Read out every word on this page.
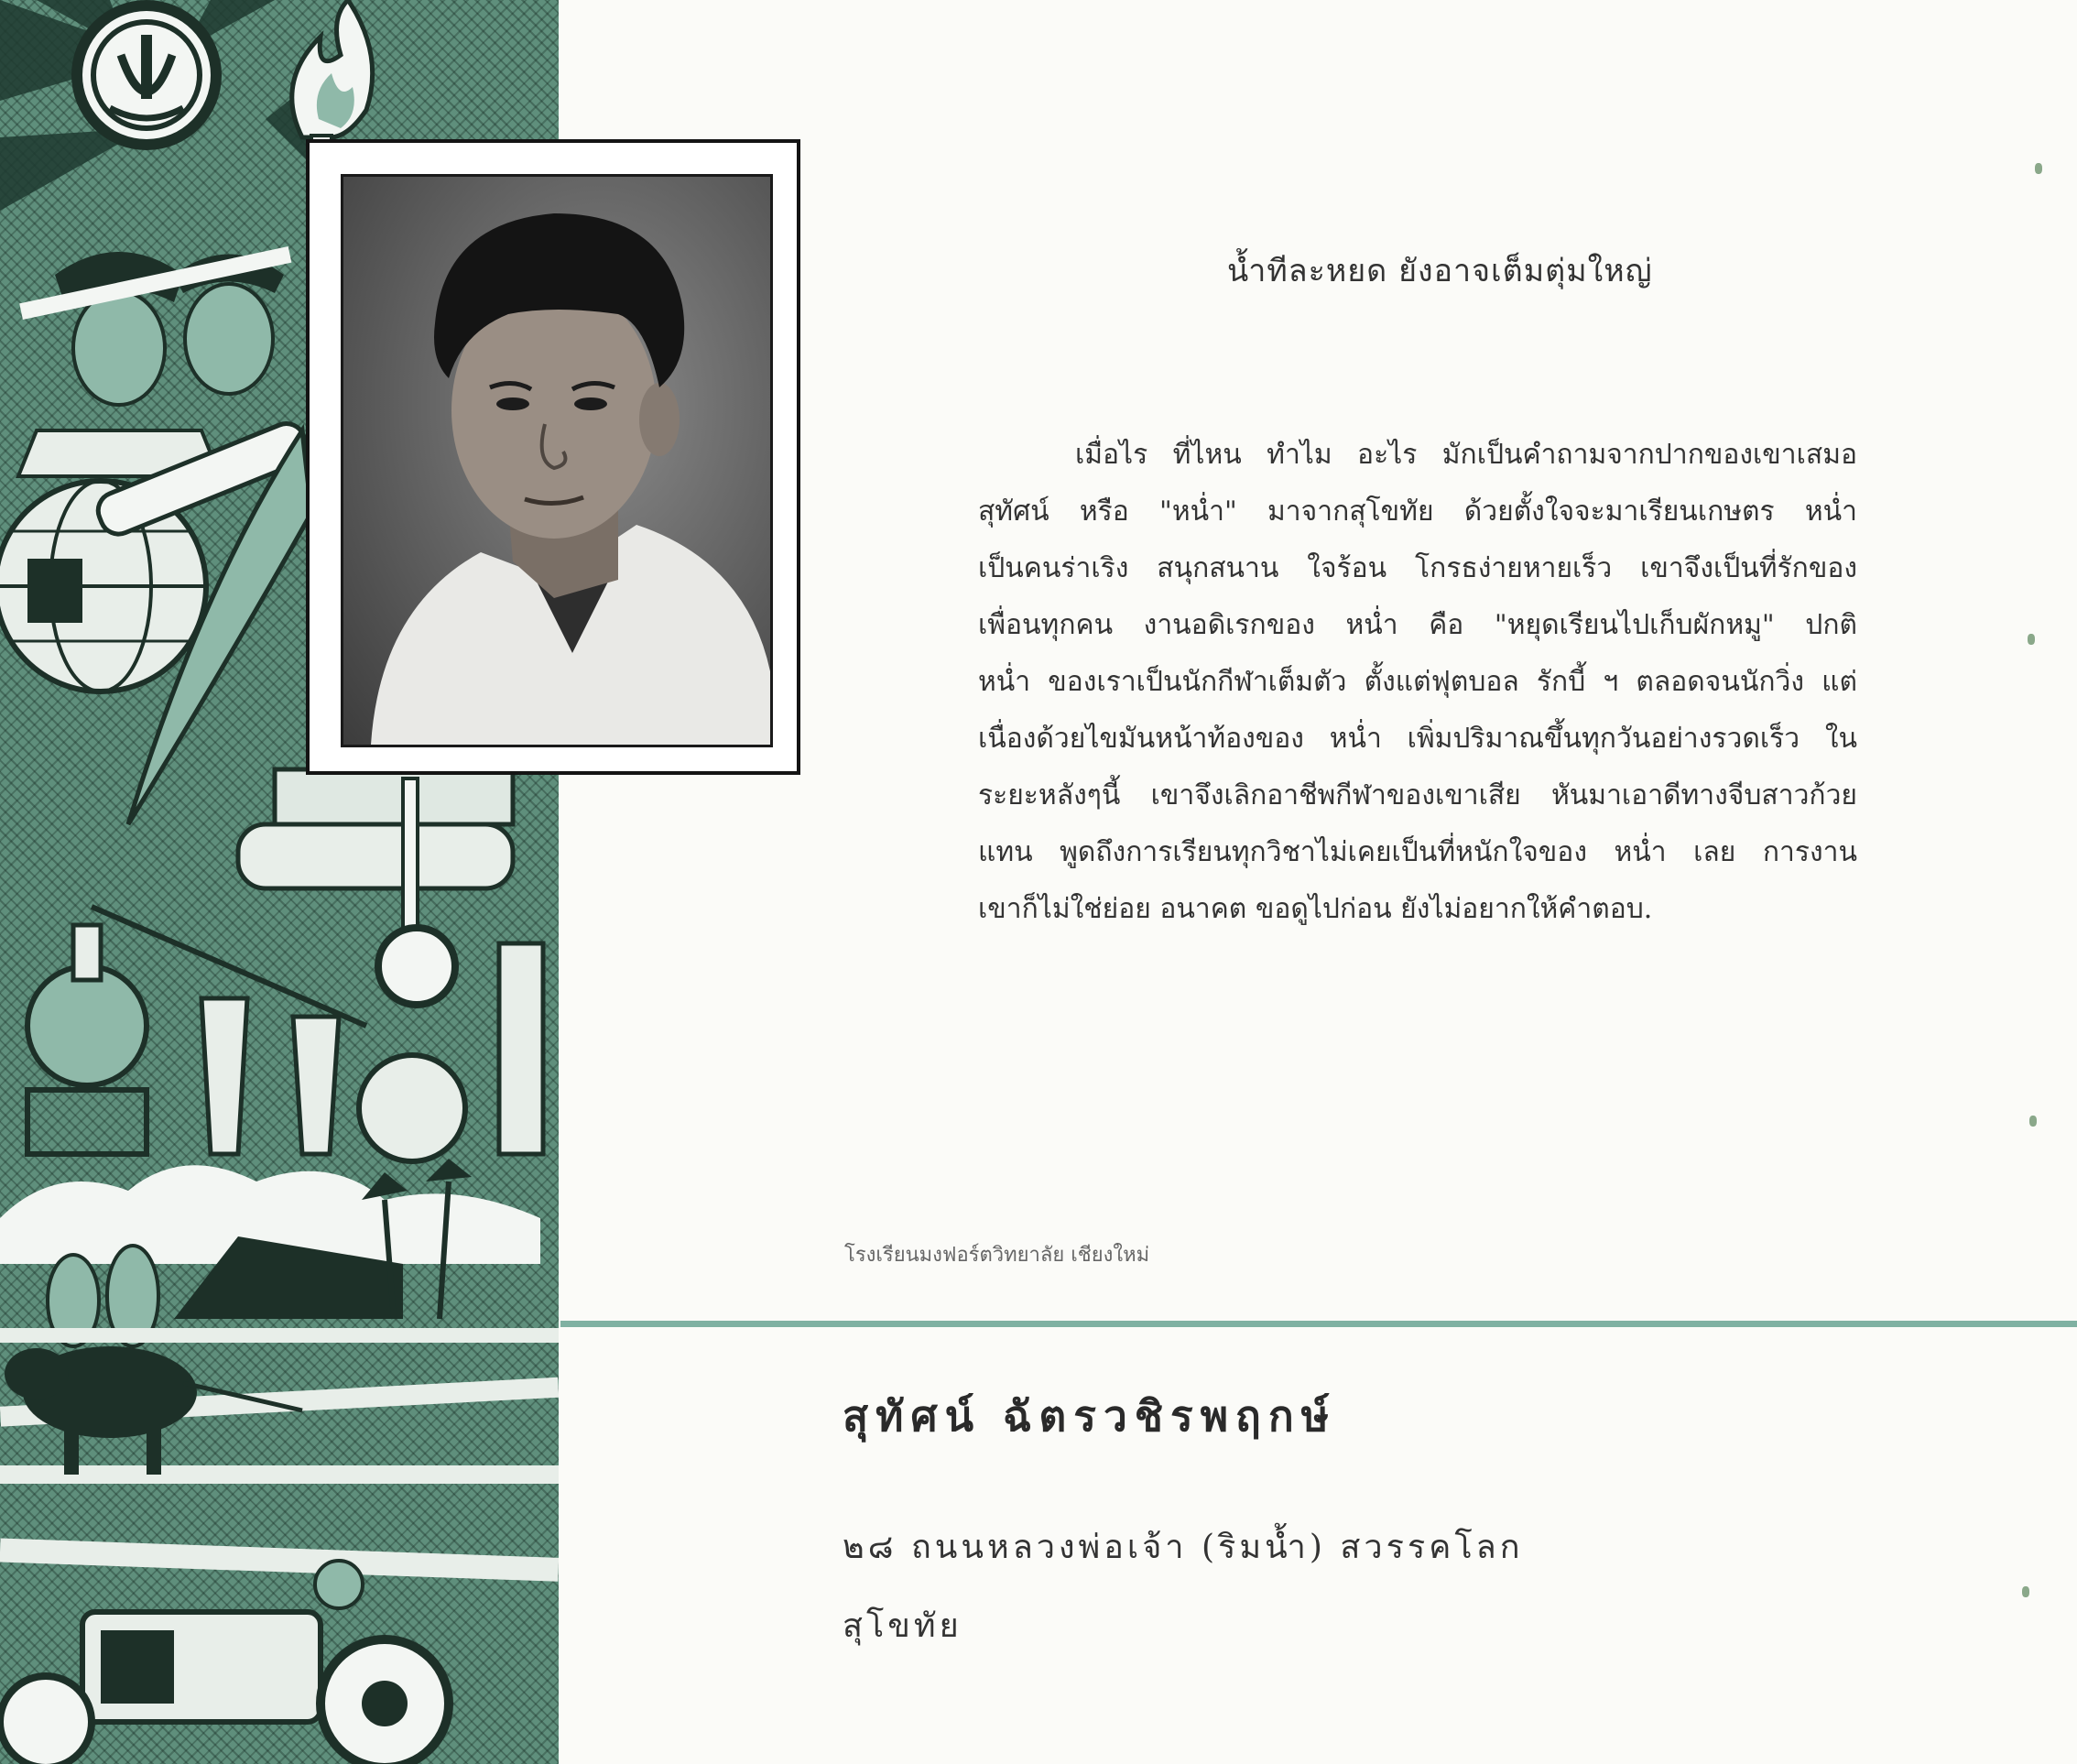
น้ำทีละหยด ยังอาจเต็มตุ่มใหญ่
เมื่อไร ที่ไหน ทำไม อะไร มักเป็นคำถามจากปากของเขาเสมอ
สุทัศน์ หรือ "หน่ำ" มาจากสุโขทัย ด้วยตั้งใจจะมาเรียนเกษตร หน่ำ
เป็นคนร่าเริง สนุกสนาน ใจร้อน โกรธง่ายหายเร็ว เขาจึงเป็นที่รักของ
เพื่อนทุกคน งานอดิเรกของ หน่ำ คือ "หยุดเรียนไปเก็บผักหมู" ปกติ
หน่ำ ของเราเป็นนักกีฬาเต็มตัว ตั้งแต่ฟุตบอล รักบี้ ฯ ตลอดจนนักวิ่ง แต่
เนื่องด้วยไขมันหน้าท้องของ หน่ำ เพิ่มปริมาณขึ้นทุกวันอย่างรวดเร็ว ใน
ระยะหลังๆนี้ เขาจึงเลิกอาชีพกีฬาของเขาเสีย หันมาเอาดีทางจีบสาวก้วย
แทน พูดถึงการเรียนทุกวิชาไม่เคยเป็นที่หนักใจของ หน่ำ เลย การงาน
เขาก็ไม่ใช่ย่อย อนาคต ขอดูไปก่อน ยังไม่อยากให้คำตอบ.
โรงเรียนมงฟอร์ตวิทยาลัย เชียงใหม่
สุทัศน์ ฉัตรวชิรพฤกษ์
๒๘ ถนนหลวงพ่อเจ้า (ริมน้ำ) สวรรคโลก
สุโขทัย
